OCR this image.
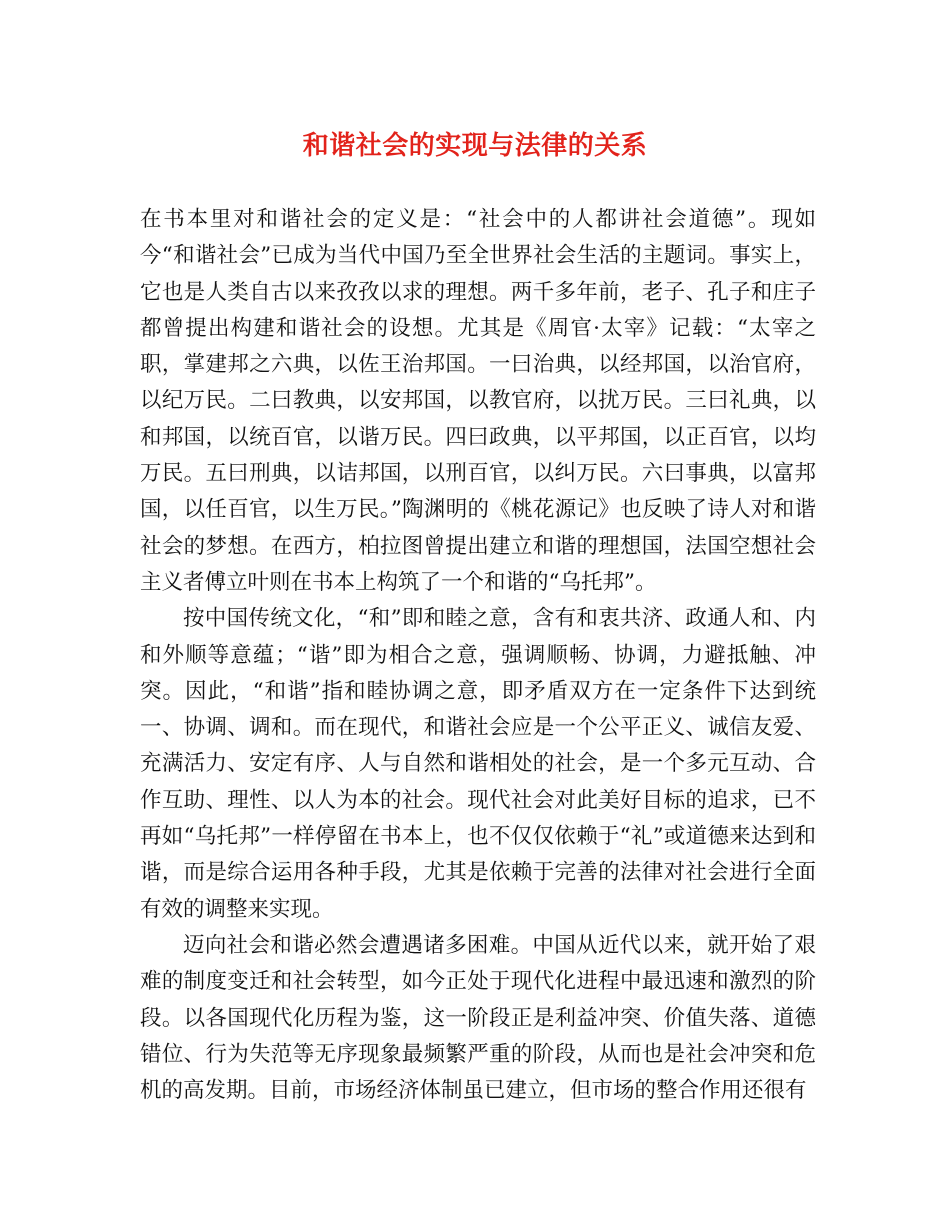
和谐社会的实现与法律的关系

在书本里对和谐社会的定义是：“社会中的人都讲社会道德”。现如今“和谐社会”已成为当代中国乃至全世界社会生活的主题词。事实上，它也是人类自古以来孜孜以求的理想。两千多年前，老子、孔子和庄子都曾提出构建和谐社会的设想。尤其是《周官·太宰》记载：“太宰之职，掌建邦之六典，以佐王治邦国。一曰治典，以经邦国，以治官府，以纪万民。二曰教典，以安邦国，以教官府，以扰万民。三曰礼典，以和邦国，以统百官，以谐万民。四曰政典，以平邦国，以正百官，以均万民。五曰刑典，以诘邦国，以刑百官，以纠万民。六曰事典，以富邦国，以任百官，以生万民。”陶渊明的《桃花源记》也反映了诗人对和谐社会的梦想。在西方，柏拉图曾提出建立和谐的理想国，法国空想社会主义者傅立叶则在书本上构筑了一个和谐的“乌托邦”。

按中国传统文化，“和”即和睦之意，含有和衷共济、政通人和、内和外顺等意蕴；“谐”即为相合之意，强调顺畅、协调，力避抵触、冲突。因此，“和谐”指和睦协调之意，即矛盾双方在一定条件下达到统一、协调、调和。而在现代，和谐社会应是一个公平正义、诚信友爱、充满活力、安定有序、人与自然和谐相处的社会，是一个多元互动、合作互助、理性、以人为本的社会。现代社会对此美好目标的追求，已不再如“乌托邦”一样停留在书本上，也不仅仅依赖于“礼”或道德来达到和谐，而是综合运用各种手段，尤其是依赖于完善的法律对社会进行全面有效的调整来实现。

迈向社会和谐必然会遭遇诸多困难。中国从近代以来，就开始了艰难的制度变迁和社会转型，如今正处于现代化进程中最迅速和激烈的阶段。以各国现代化历程为鉴，这一阶段正是利益冲突、价值失落、道德错位、行为失范等无序现象最频繁严重的阶段，从而也是社会冲突和危机的高发期。目前，市场经济体制虽已建立，但市场的整合作用还很有
